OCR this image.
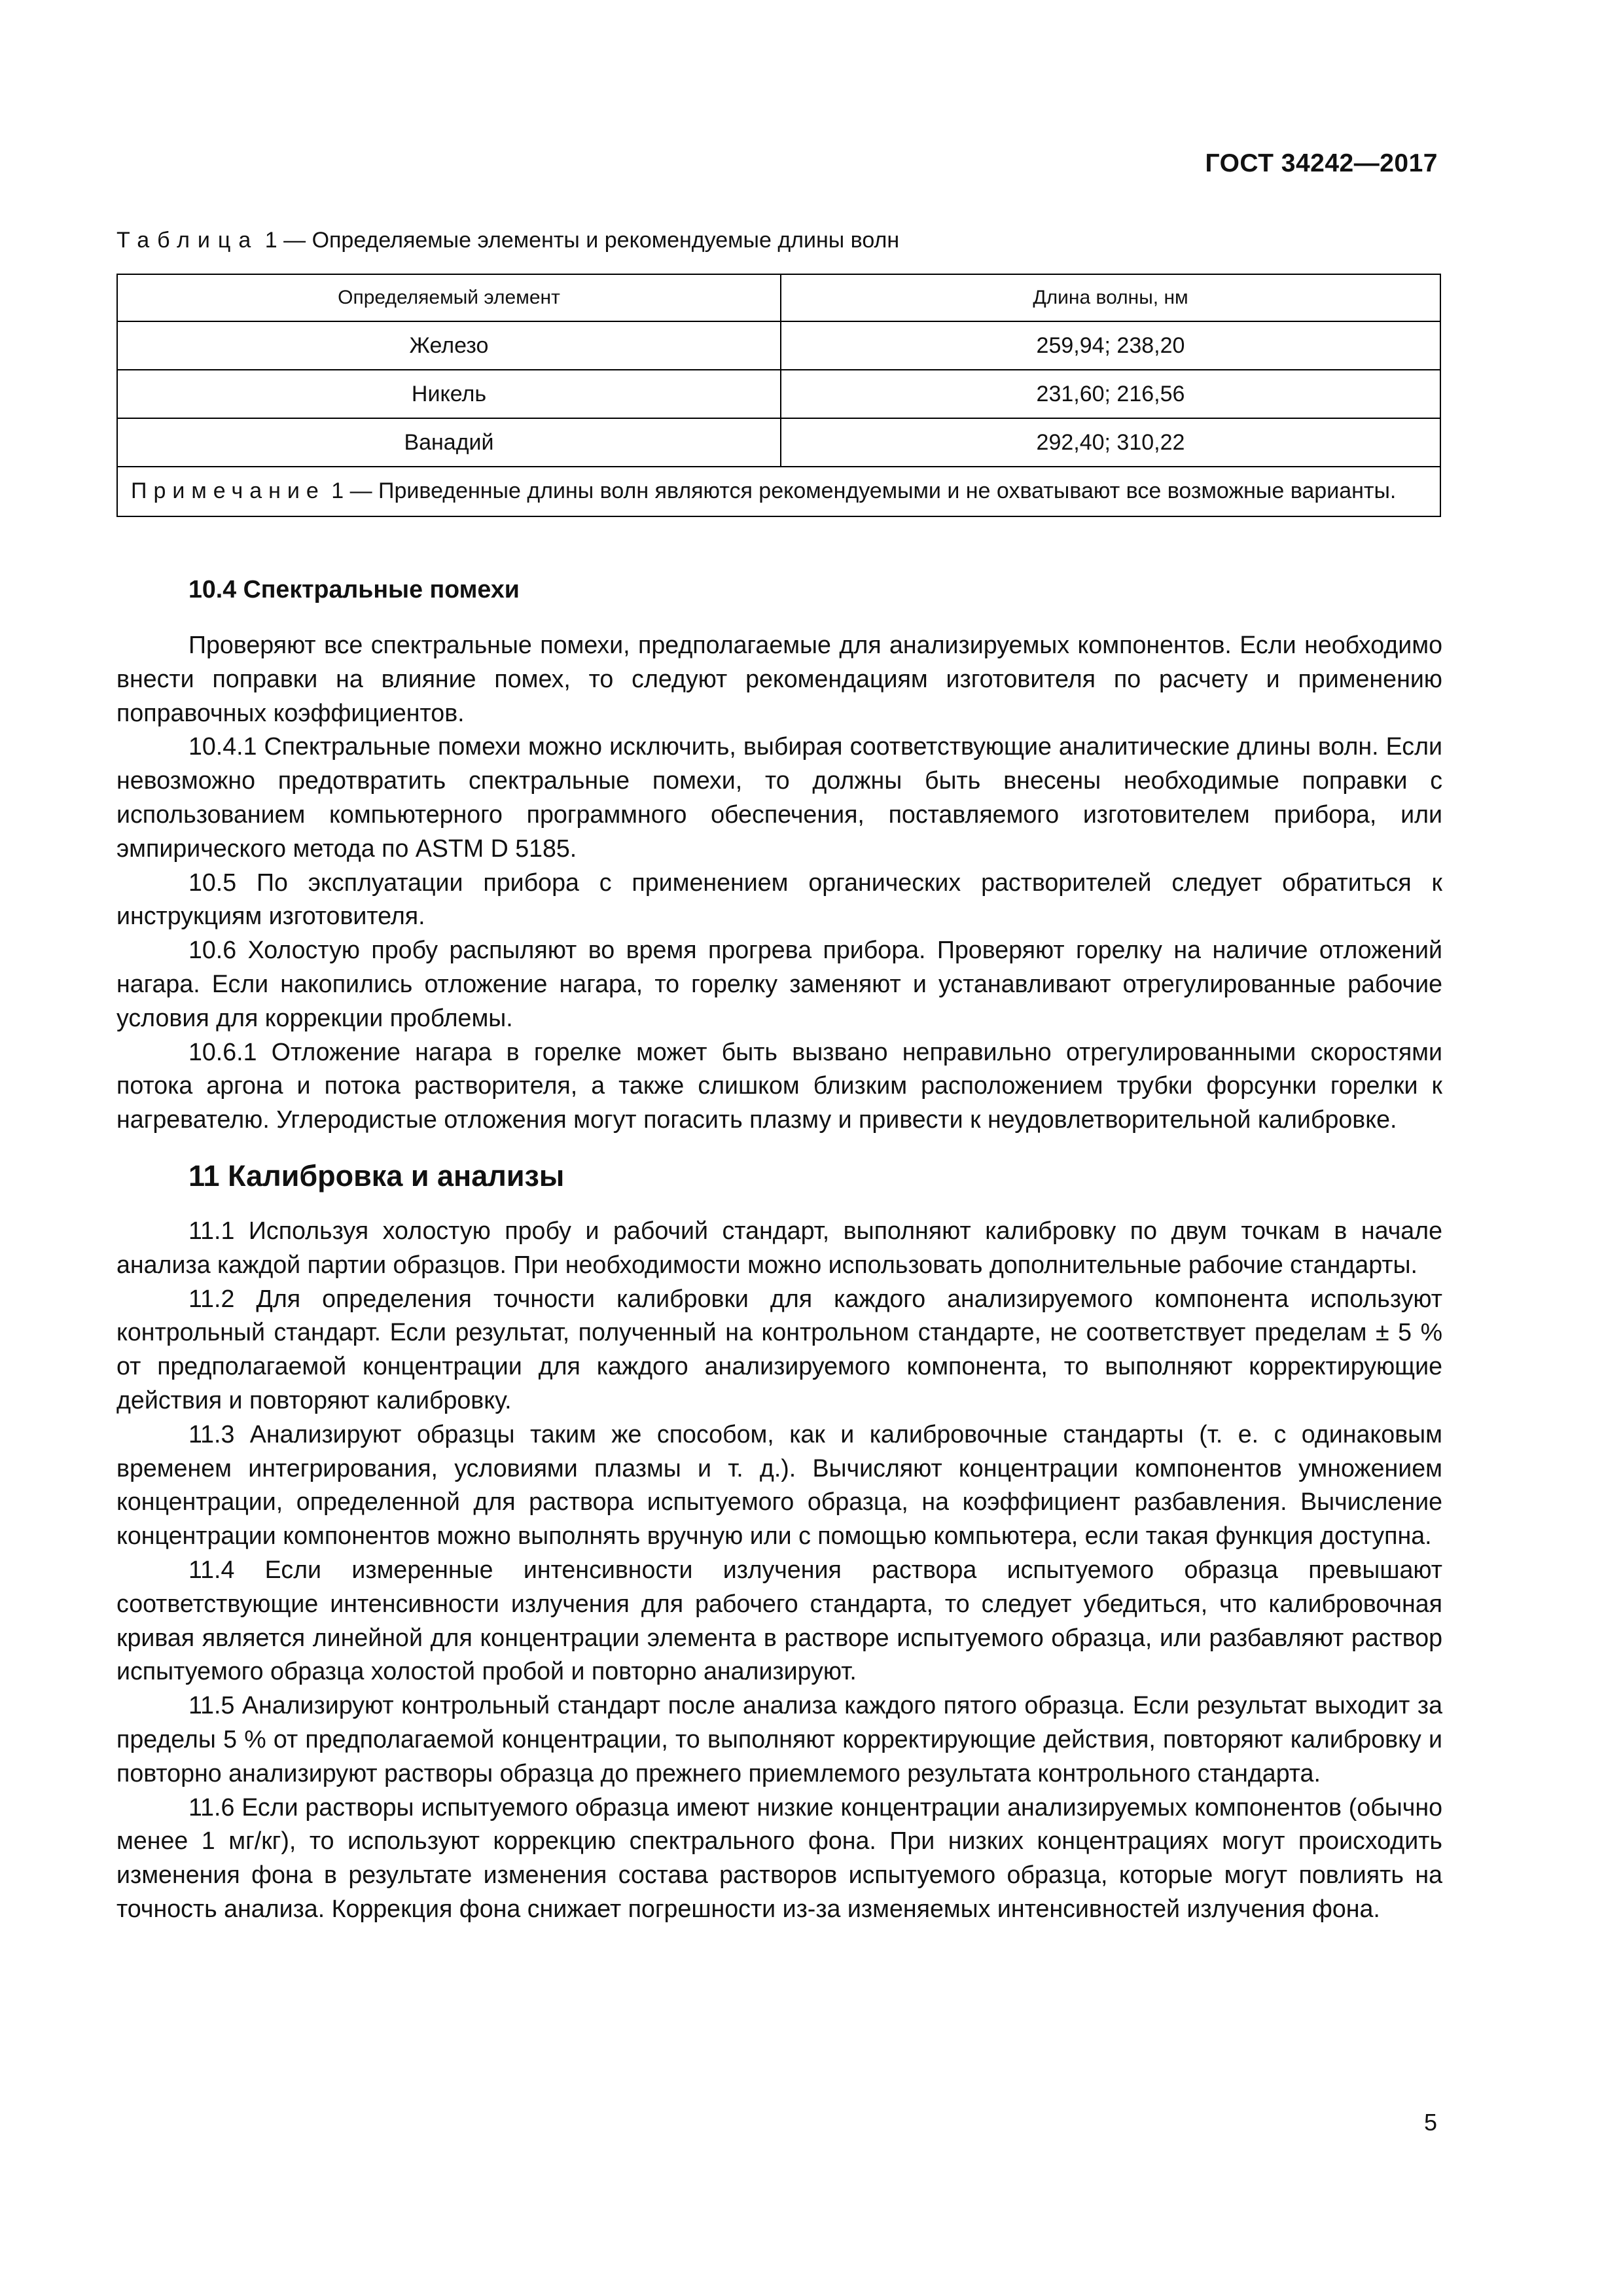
ГОСТ 34242—2017
Таблица 1 — Определяемые элементы и рекомендуемые длины волн
Определяемый элемент	Длина волны, нм
Железо	259,94; 238,20
Никель	231,60; 216,56
Ванадий	292,40; 310,22
Примечание 1 — Приведенные длины волн являются рекомендуемыми и не охватывают все возможные варианты.	
10.4 Спектральные помехи

Проверяют все спектральные помехи, предполагаемые для анализируемых компонентов. Если необходимо внести поправки на влияние помех, то следуют рекомендациям изготовителя по расчету и применению поправочных коэффициентов.

10.4.1 Спектральные помехи можно исключить, выбирая соответствующие аналитические длины волн. Если невозможно предотвратить спектральные помехи, то должны быть внесены необходимые поправки с использованием компьютерного программного обеспечения, поставляемого изготовителем прибора, или эмпирического метода по ASTM D 5185.

10.5 По эксплуатации прибора с применением органических растворителей следует обратиться к инструкциям изготовителя.

10.6 Холостую пробу распыляют во время прогрева прибора. Проверяют горелку на наличие отложений нагара. Если накопились отложение нагара, то горелку заменяют и устанавливают отрегулированные рабочие условия для коррекции проблемы.

10.6.1 Отложение нагара в горелке может быть вызвано неправильно отрегулированными скоростями потока аргона и потока растворителя, а также слишком близким расположением трубки форсунки горелки к нагревателю. Углеродистые отложения могут погасить плазму и привести к неудовлетворительной калибровке.

11 Калибровка и анализы

11.1 Используя холостую пробу и рабочий стандарт, выполняют калибровку по двум точкам в начале анализа каждой партии образцов. При необходимости можно использовать дополнительные рабочие стандарты.

11.2 Для определения точности калибровки для каждого анализируемого компонента используют контрольный стандарт. Если результат, полученный на контрольном стандарте, не соответствует пределам ± 5 % от предполагаемой концентрации для каждого анализируемого компонента, то выполняют корректирующие действия и повторяют калибровку.

11.3 Анализируют образцы таким же способом, как и калибровочные стандарты (т. е. с одинаковым временем интегрирования, условиями плазмы и т. д.). Вычисляют концентрации компонентов умножением концентрации, определенной для раствора испытуемого образца, на коэффициент разбавления. Вычисление концентрации компонентов можно выполнять вручную или с помощью компьютера, если такая функция доступна.

11.4 Если измеренные интенсивности излучения раствора испытуемого образца превышают соответствующие интенсивности излучения для рабочего стандарта, то следует убедиться, что калибровочная кривая является линейной для концентрации элемента в растворе испытуемого образца, или разбавляют раствор испытуемого образца холостой пробой и повторно анализируют.

11.5 Анализируют контрольный стандарт после анализа каждого пятого образца. Если результат выходит за пределы 5 % от предполагаемой концентрации, то выполняют корректирующие действия, повторяют калибровку и повторно анализируют растворы образца до прежнего приемлемого результата контрольного стандарта.

11.6 Если растворы испытуемого образца имеют низкие концентрации анализируемых компонентов (обычно менее 1 мг/кг), то используют коррекцию спектрального фона. При низких концентрациях могут происходить изменения фона в результате изменения состава растворов испытуемого образца, которые могут повлиять на точность анализа. Коррекция фона снижает погрешности из-за изменяемых интенсивностей излучения фона.

5
